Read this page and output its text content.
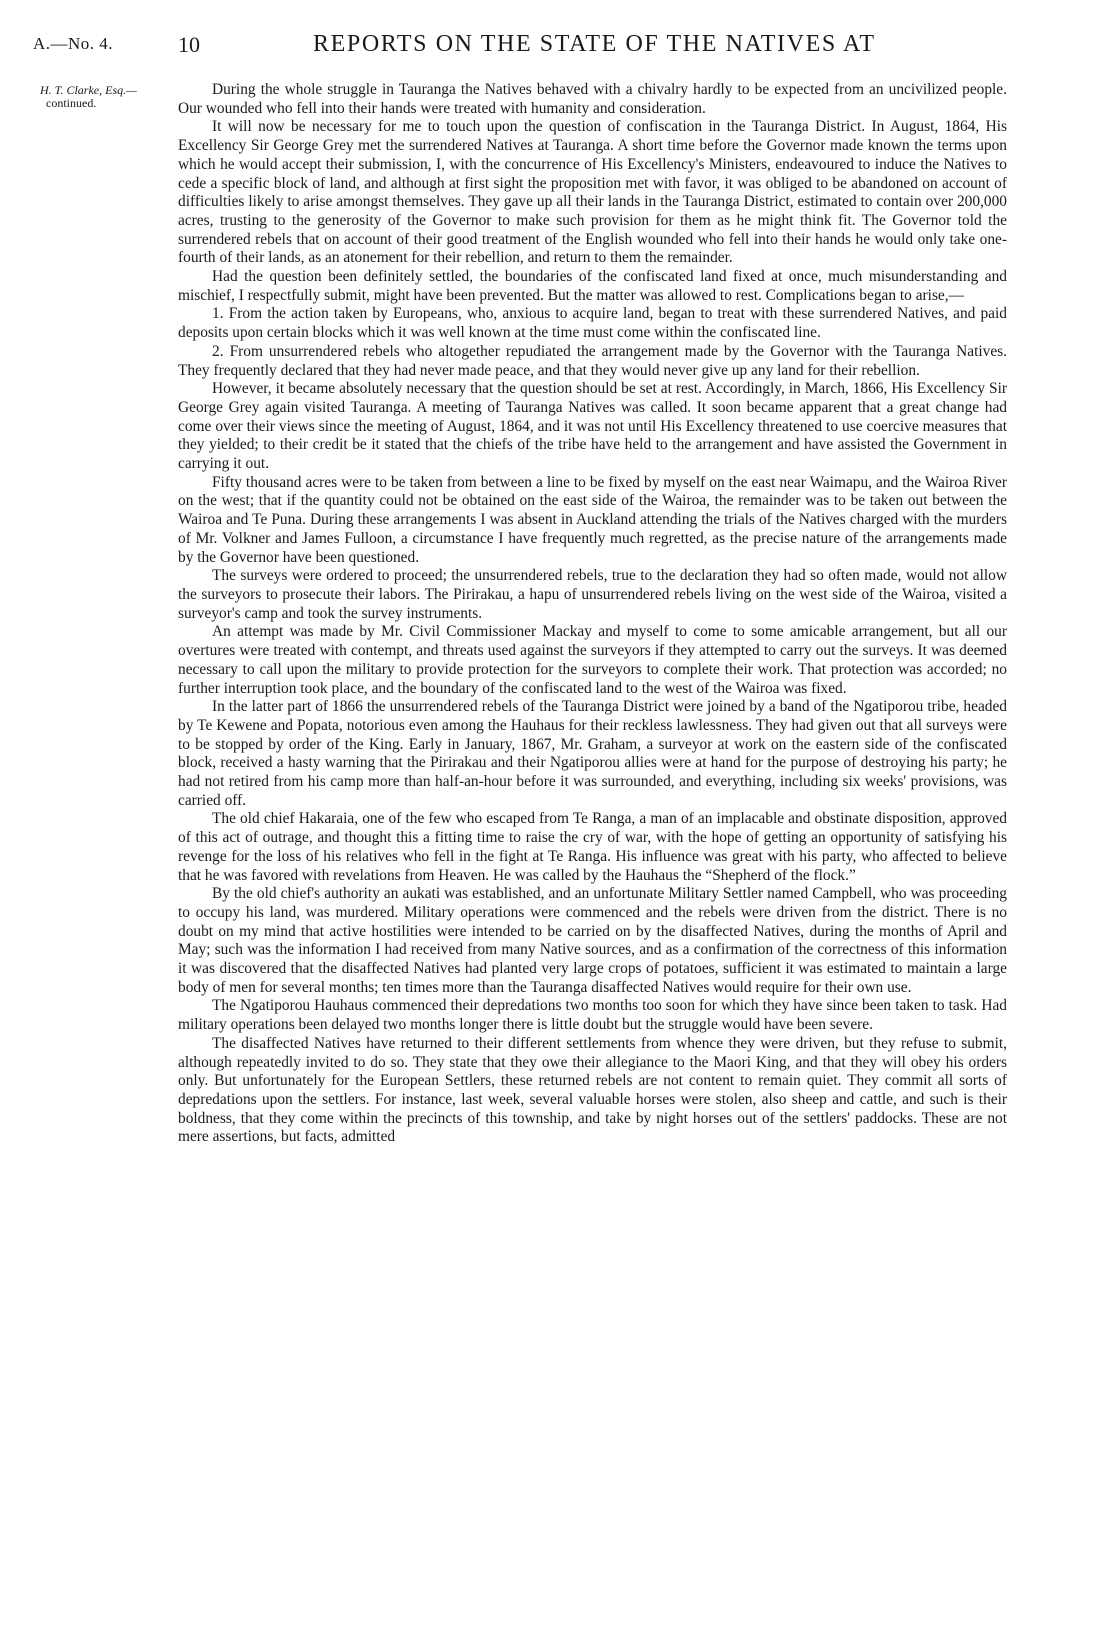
A.—No. 4.	10	REPORTS ON THE STATE OF THE NATIVES AT
H. T. Clarke, Esq.—
continued.

During the whole struggle in Tauranga the Natives behaved with a chivalry hardly to be expected from an uncivilized people. Our wounded who fell into their hands were treated with humanity and consideration.

It will now be necessary for me to touch upon the question of confiscation in the Tauranga District. In August, 1864, His Excellency Sir George Grey met the surrendered Natives at Tauranga. A short time before the Governor made known the terms upon which he would accept their submission, I, with the concurrence of His Excellency's Ministers, endeavoured to induce the Natives to cede a specific block of land, and although at first sight the proposition met with favor, it was obliged to be abandoned on account of difficulties likely to arise amongst themselves. They gave up all their lands in the Tauranga District, estimated to contain over 200,000 acres, trusting to the generosity of the Governor to make such provision for them as he might think fit. The Governor told the surrendered rebels that on account of their good treatment of the English wounded who fell into their hands he would only take one-fourth of their lands, as an atonement for their rebellion, and return to them the remainder.

Had the question been definitely settled, the boundaries of the confiscated land fixed at once, much misunderstanding and mischief, I respectfully submit, might have been prevented. But the matter was allowed to rest. Complications began to arise,—

1. From the action taken by Europeans, who, anxious to acquire land, began to treat with these surrendered Natives, and paid deposits upon certain blocks which it was well known at the time must come within the confiscated line.

2. From unsurrendered rebels who altogether repudiated the arrangement made by the Governor with the Tauranga Natives. They frequently declared that they had never made peace, and that they would never give up any land for their rebellion.

However, it became absolutely necessary that the question should be set at rest. Accordingly, in March, 1866, His Excellency Sir George Grey again visited Tauranga. A meeting of Tauranga Natives was called. It soon became apparent that a great change had come over their views since the meeting of August, 1864, and it was not until His Excellency threatened to use coercive measures that they yielded; to their credit be it stated that the chiefs of the tribe have held to the arrangement and have assisted the Government in carrying it out.

Fifty thousand acres were to be taken from between a line to be fixed by myself on the east near Waimapu, and the Wairoa River on the west; that if the quantity could not be obtained on the east side of the Wairoa, the remainder was to be taken out between the Wairoa and Te Puna. During these arrangements I was absent in Auckland attending the trials of the Natives charged with the murders of Mr. Volkner and James Fulloon, a circumstance I have frequently much regretted, as the precise nature of the arrangements made by the Governor have been questioned.

The surveys were ordered to proceed; the unsurrendered rebels, true to the declaration they had so often made, would not allow the surveyors to prosecute their labors. The Pirirakau, a hapu of unsurrendered rebels living on the west side of the Wairoa, visited a surveyor's camp and took the survey instruments.

An attempt was made by Mr. Civil Commissioner Mackay and myself to come to some amicable arrangement, but all our overtures were treated with contempt, and threats used against the surveyors if they attempted to carry out the surveys. It was deemed necessary to call upon the military to provide protection for the surveyors to complete their work. That protection was accorded; no further interruption took place, and the boundary of the confiscated land to the west of the Wairoa was fixed.

In the latter part of 1866 the unsurrendered rebels of the Tauranga District were joined by a band of the Ngatiporou tribe, headed by Te Kewene and Popata, notorious even among the Hauhaus for their reckless lawlessness. They had given out that all surveys were to be stopped by order of the King. Early in January, 1867, Mr. Graham, a surveyor at work on the eastern side of the confiscated block, received a hasty warning that the Pirirakau and their Ngatiporou allies were at hand for the purpose of destroying his party; he had not retired from his camp more than half-an-hour before it was surrounded, and everything, including six weeks' provisions, was carried off.

The old chief Hakaraia, one of the few who escaped from Te Ranga, a man of an implacable and obstinate disposition, approved of this act of outrage, and thought this a fitting time to raise the cry of war, with the hope of getting an opportunity of satisfying his revenge for the loss of his relatives who fell in the fight at Te Ranga. His influence was great with his party, who affected to believe that he was favored with revelations from Heaven. He was called by the Hauhaus the “Shepherd of the flock.”

By the old chief's authority an aukati was established, and an unfortunate Military Settler named Campbell, who was proceeding to occupy his land, was murdered. Military operations were commenced and the rebels were driven from the district. There is no doubt on my mind that active hostilities were intended to be carried on by the disaffected Natives, during the months of April and May; such was the information I had received from many Native sources, and as a confirmation of the correctness of this information it was discovered that the disaffected Natives had planted very large crops of potatoes, sufficient it was estimated to maintain a large body of men for several months; ten times more than the Tauranga disaffected Natives would require for their own use.

The Ngatiporou Hauhaus commenced their depredations two months too soon for which they have since been taken to task. Had military operations been delayed two months longer there is little doubt but the struggle would have been severe.

The disaffected Natives have returned to their different settlements from whence they were driven, but they refuse to submit, although repeatedly invited to do so. They state that they owe their allegiance to the Maori King, and that they will obey his orders only. But unfortunately for the European Settlers, these returned rebels are not content to remain quiet. They commit all sorts of depredations upon the settlers. For instance, last week, several valuable horses were stolen, also sheep and cattle, and such is their boldness, that they come within the precincts of this township, and take by night horses out of the settlers' paddocks. These are not mere assertions, but facts, admitted
